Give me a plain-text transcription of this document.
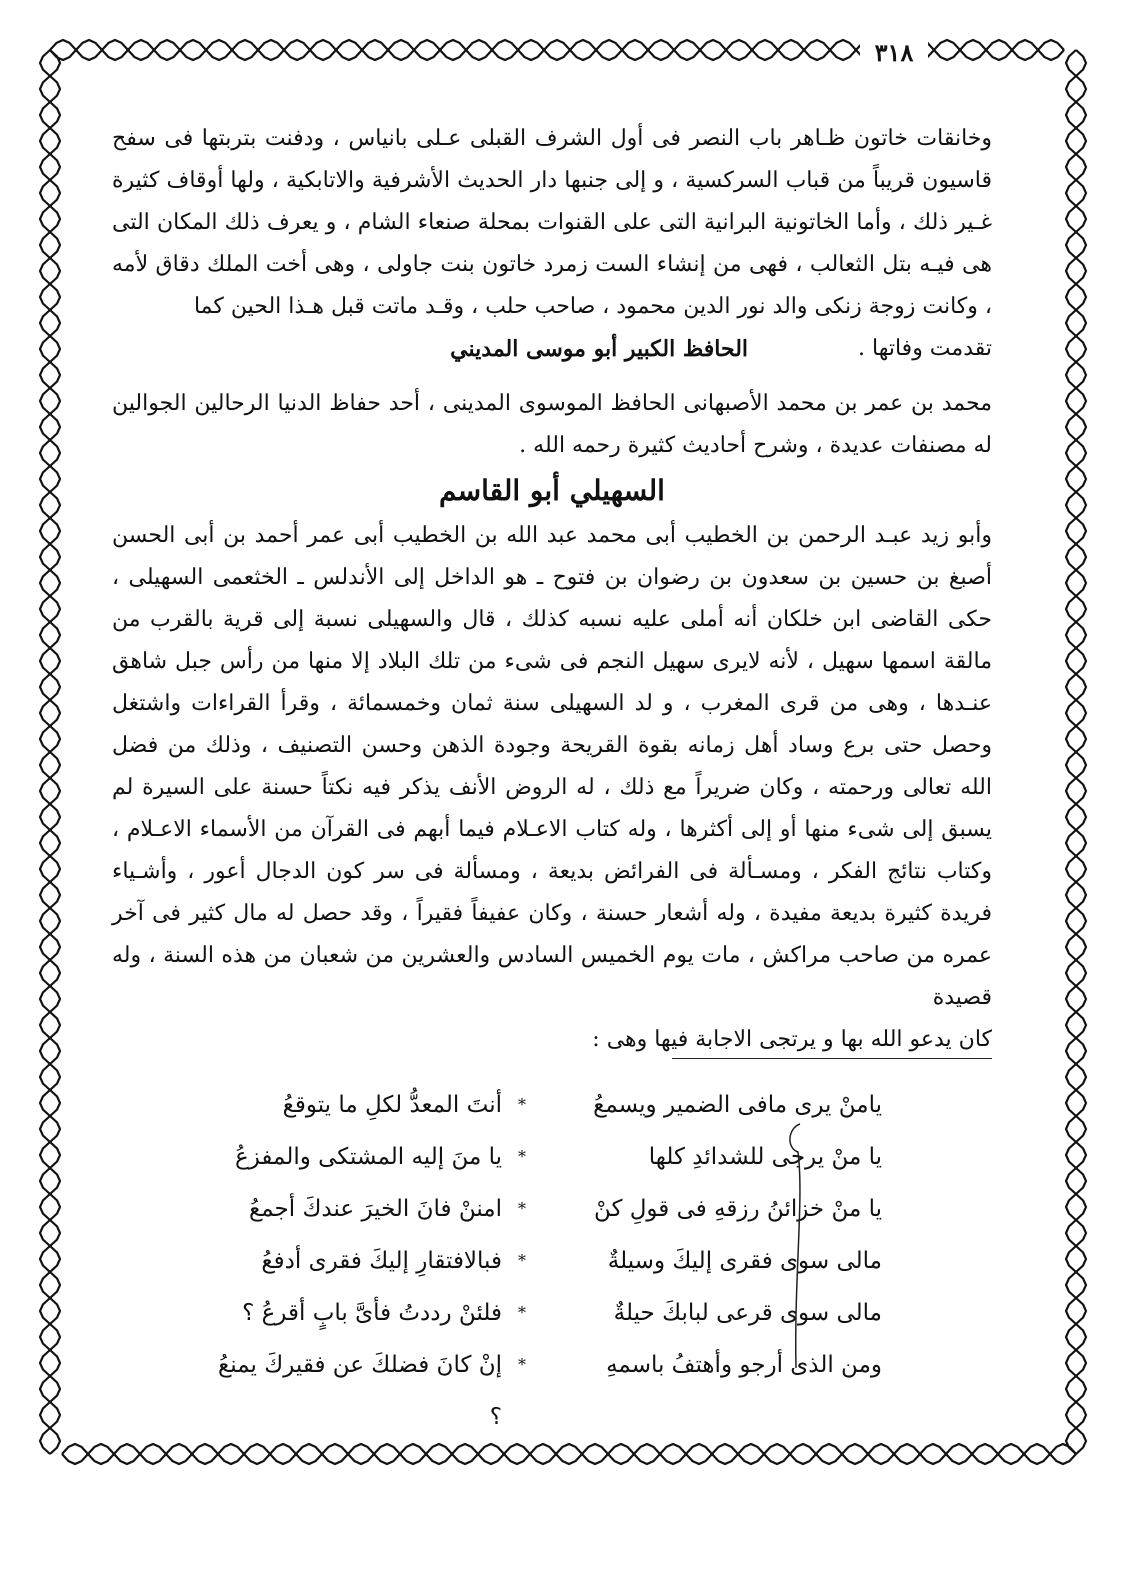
٣١٨

وخانقات خاتون ظـاهر باب النصر فى أول الشرف القبلى عـلى بانياس ، ودفنت بتربتها فى سفح قاسيون قريباً من قباب السركسية ، و إلى جنبها دار الحديث الأشرفية والاتابكية ، ولها أوقاف كثيرة غـير ذلك ، وأما الخاتونية البرانية التى على القنوات بمحلة صنعاء الشام ، و يعرف ذلك المكان التى هى فيـه بتل الثعالب ، فهى من إنشاء الست زمرد خاتون بنت جاولى ، وهى أخت الملك دقاق لأمه ، وكانت زوجة زنكى والد نور الدين محمود ، صاحب حلب ، وقـد ماتت قبل هـذا الحين كما

تقدمت وفاتها .
الحافظ الكبير أبو موسى المديني

محمد بن عمر بن محمد الأصبهانى الحافظ الموسوى المدينى ، أحد حفاظ الدنيا الرحالين الجوالين له مصنفات عديدة ، وشرح أحاديث كثيرة رحمه الله .

السهيلي أبو القاسم

وأبو زيد عبـد الرحمن بن الخطيب أبى محمد عبد الله بن الخطيب أبى عمر أحمد بن أبى الحسن أصبغ بن حسين بن سعدون بن رضوان بن فتوح ـ هو الداخل إلى الأندلس ـ الخثعمى السهيلى ، حكى القاضى ابن خلكان أنه أملى عليه نسبه كذلك ، قال والسهيلى نسبة إلى قرية بالقرب من مالقة اسمها سهيل ، لأنه لايرى سهيل النجم فى شىء من تلك البلاد إلا منها من رأس جبل شاهق عنـدها ، وهى من قرى المغرب ، و لد السهيلى سنة ثمان وخمسمائة ، وقرأ القراءات واشتغل وحصل حتى برع وساد أهل زمانه بقوة القريحة وجودة الذهن وحسن التصنيف ، وذلك من فضل الله تعالى ورحمته ، وكان ضريراً مع ذلك ، له الروض الأنف يذكر فيه نكتاً حسنة على السيرة لم يسبق إلى شىء منها أو إلى أكثرها ، وله كتاب الاعـلام فيما أبهم فى القرآن من الأسماء الاعـلام ، وكتاب نتائج الفكر ، ومسـألة فى الفرائض بديعة ، ومسألة فى سر كون الدجال أعور ، وأشـياء فريدة كثيرة بديعة مفيدة ، وله أشعار حسنة ، وكان عفيفاً فقيراً ، وقد حصل له مال كثير فى آخر عمره من صاحب مراكش ، مات يوم الخميس السادس والعشرين من شعبان من هذه السنة ، وله قصيدة

كان يدعو الله بها و يرتجى الاجابة فيها وهى :

يامنْ يرى مافى الضمير ويسمعُ
*
أنتَ المعدُّ لكلِ ما يتوقعُ
يا منْ يرجى للشدائدِ كلها
*
يا منَ إليه المشتكى والمفزعُ
يا منْ خزائنُ رزقهِ فى قولِ كنْ
*
امننْ فانَ الخيرَ عندكَ أجمعُ
مالى سوى فقرى إليكَ وسيلةٌ
*
فبالافتقارِ إليكَ فقرى أدفعُ
مالى سوى قرعى لبابكَ حيلةٌ
*
فلئنْ رددتُ فأىَّ بابٍ أقرعُ ؟
ومن الذى أرجو وأهتفُ باسمهِ
*
إنْ كانَ فضلكَ عن فقيركَ يمنعُ ؟
